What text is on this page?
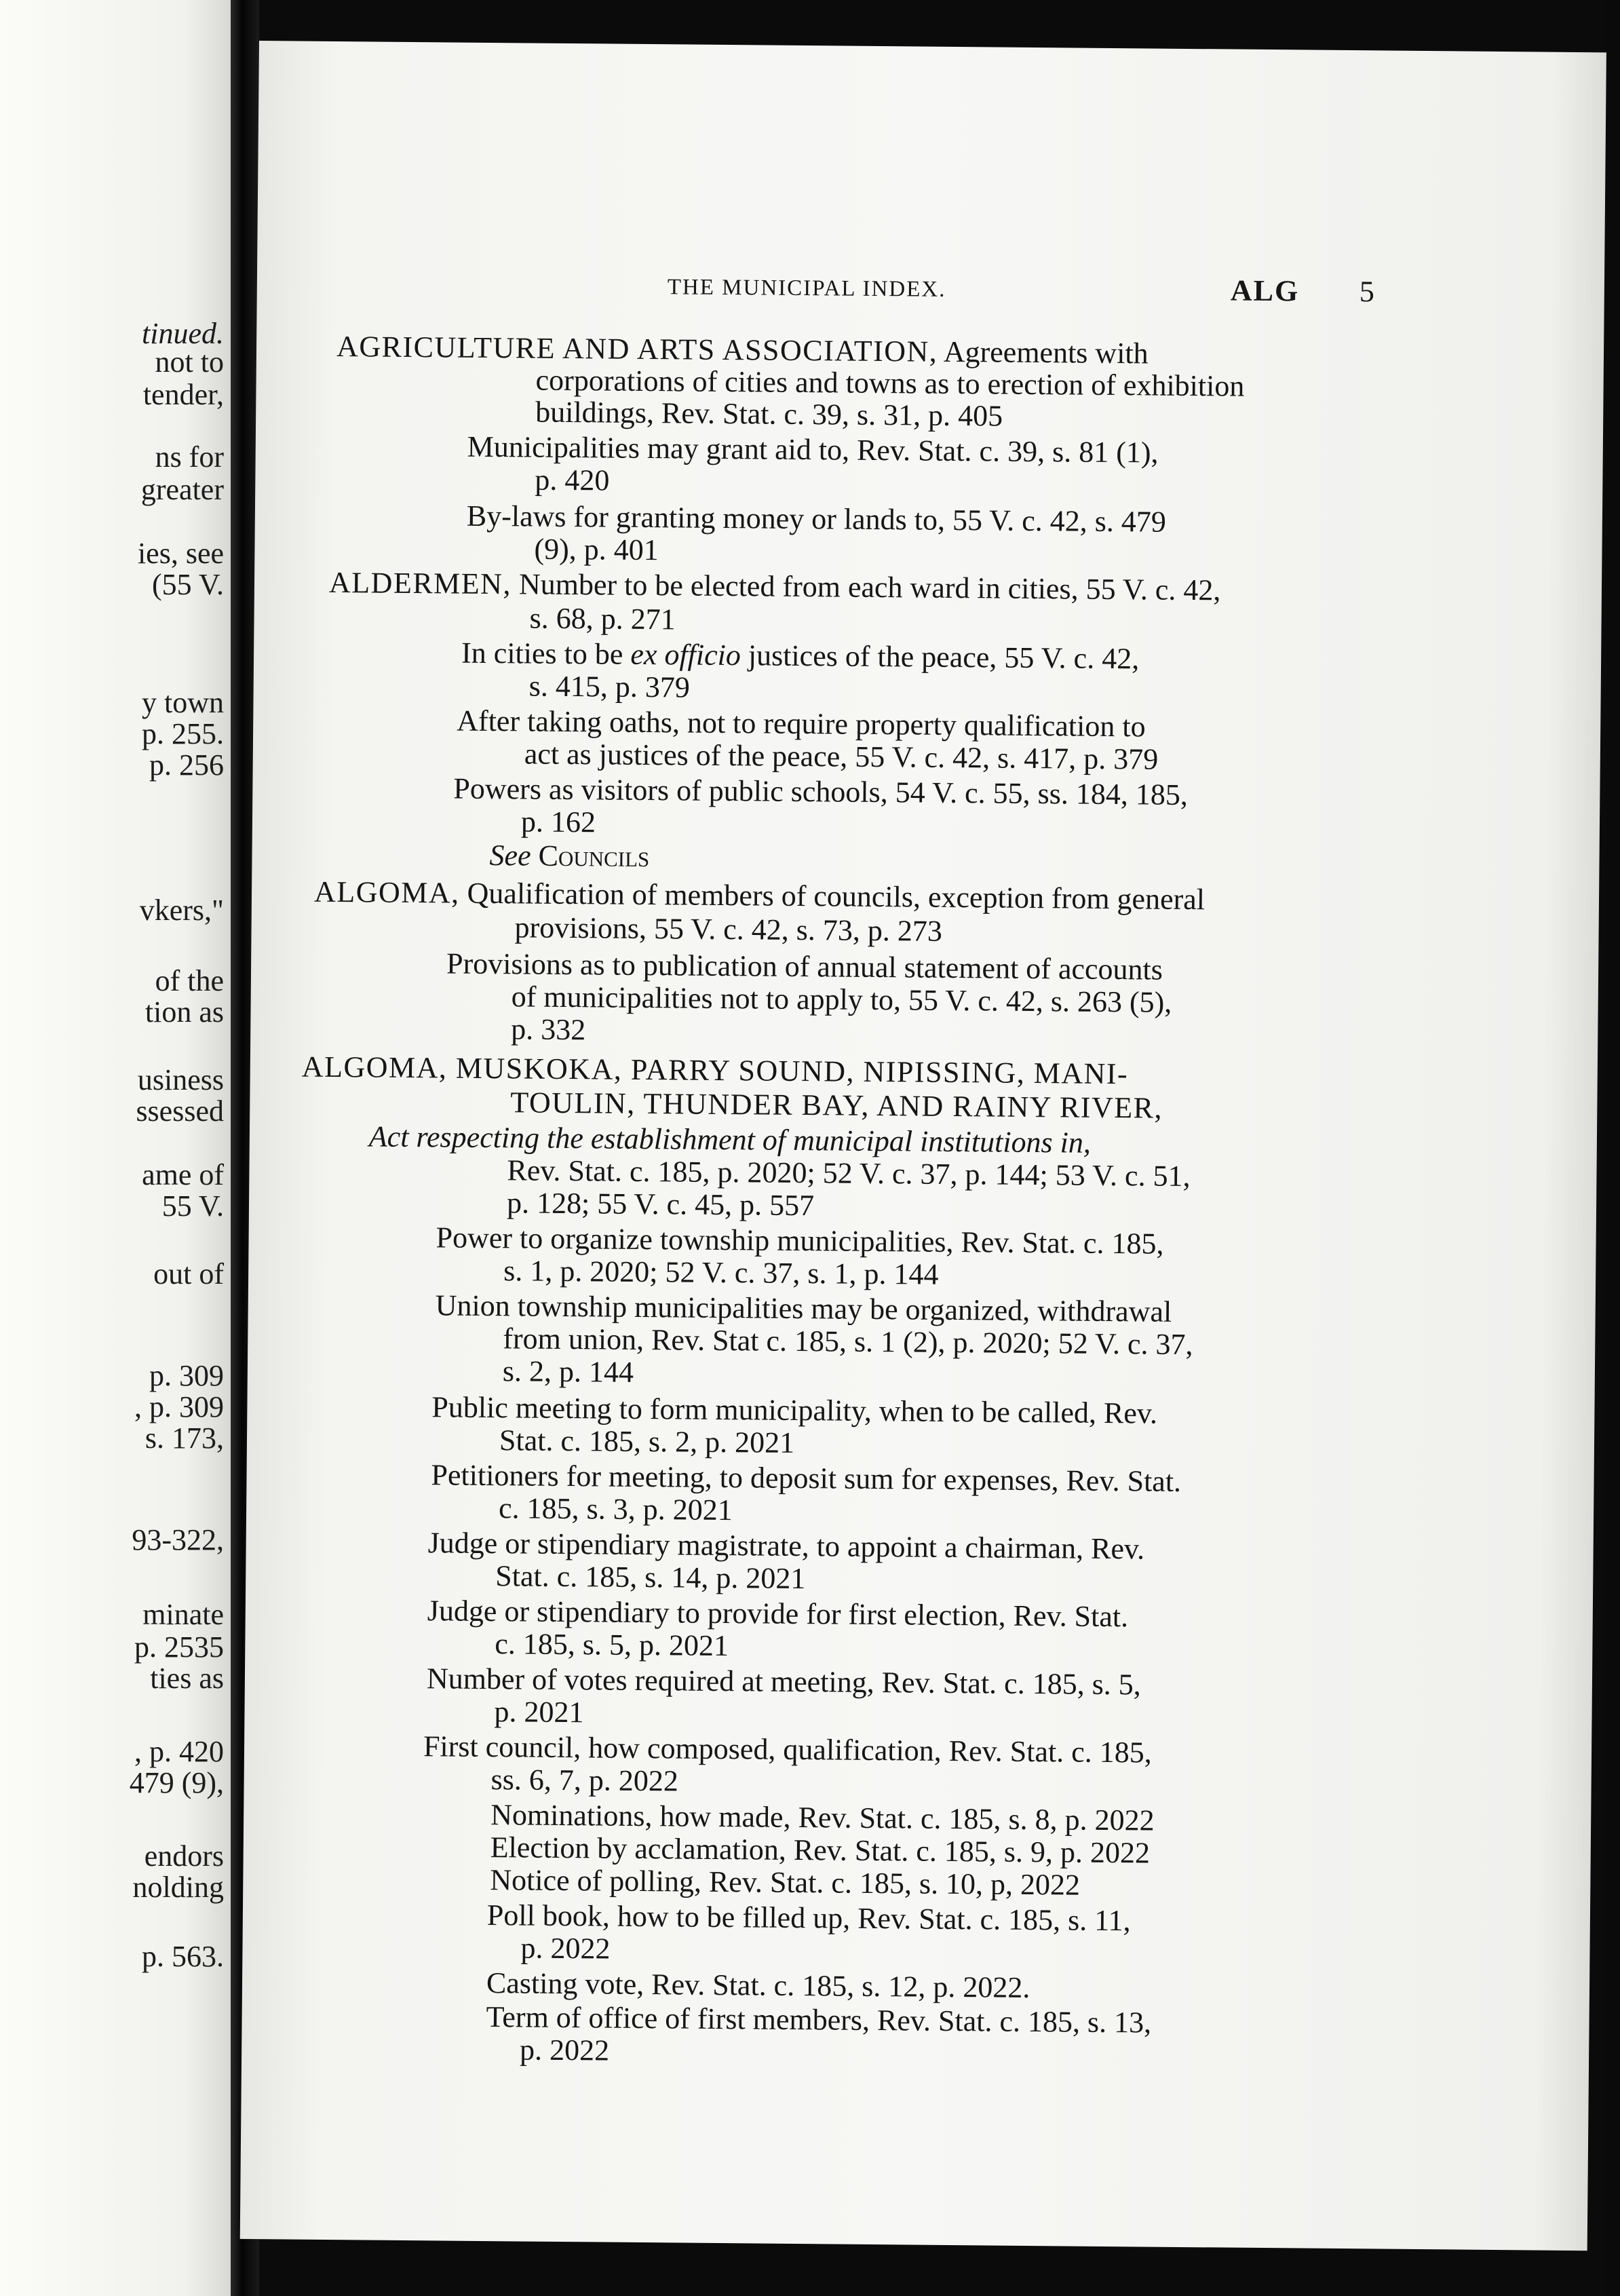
tinued.
not to
tender,
ns for
greater
ies, see
(55 V.
y town
p. 255.
p. 256
vkers,"
of the
tion as
usiness
ssessed
ame of
55 V.
out of
p. 309
, p. 309
s. 173,
93-322,
minate
p. 2535
ties as
, p. 420
479 (9),
endors
nolding
p. 563.
THE MUNICIPAL INDEX.	ALG 5
AGRICULTURE AND ARTS ASSOCIATION, Agreements with
corporations of cities and towns as to erection of exhibition
buildings, Rev. Stat. c. 39, s. 31, p. 405
Municipalities may grant aid to, Rev. Stat. c. 39, s. 81 (1),
p. 420
By-laws for granting money or lands to, 55 V. c. 42, s. 479
(9), p. 401
ALDERMEN, Number to be elected from each ward in cities, 55 V. c. 42,
s. 68, p. 271
In cities to be ex officio justices of the peace, 55 V. c. 42,
s. 415, p. 379
After taking oaths, not to require property qualification to
act as justices of the peace, 55 V. c. 42, s. 417, p. 379
Powers as visitors of public schools, 54 V. c. 55, ss. 184, 185,
p. 162
See Councils
ALGOMA, Qualification of members of councils, exception from general
provisions, 55 V. c. 42, s. 73, p. 273
Provisions as to publication of annual statement of accounts
of municipalities not to apply to, 55 V. c. 42, s. 263 (5),
p. 332
ALGOMA, MUSKOKA, PARRY SOUND, NIPISSING, MANI-
TOULIN, THUNDER BAY, AND RAINY RIVER,
Act respecting the establishment of municipal institutions in,
Rev. Stat. c. 185, p. 2020; 52 V. c. 37, p. 144; 53 V. c. 51,
p. 128; 55 V. c. 45, p. 557
Power to organize township municipalities, Rev. Stat. c. 185,
s. 1, p. 2020; 52 V. c. 37, s. 1, p. 144
Union township municipalities may be organized, withdrawal
from union, Rev. Stat c. 185, s. 1 (2), p. 2020; 52 V. c. 37,
s. 2, p. 144
Public meeting to form municipality, when to be called, Rev.
Stat. c. 185, s. 2, p. 2021
Petitioners for meeting, to deposit sum for expenses, Rev. Stat.
c. 185, s. 3, p. 2021
Judge or stipendiary magistrate, to appoint a chairman, Rev.
Stat. c. 185, s. 14, p. 2021
Judge or stipendiary to provide for first election, Rev. Stat.
c. 185, s. 5, p. 2021
Number of votes required at meeting, Rev. Stat. c. 185, s. 5,
p. 2021
First council, how composed, qualification, Rev. Stat. c. 185,
ss. 6, 7, p. 2022
Nominations, how made, Rev. Stat. c. 185, s. 8, p. 2022
Election by acclamation, Rev. Stat. c. 185, s. 9, p. 2022
Notice of polling, Rev. Stat. c. 185, s. 10, p, 2022
Poll book, how to be filled up, Rev. Stat. c. 185, s. 11,
p. 2022
Casting vote, Rev. Stat. c. 185, s. 12, p. 2022.
Term of office of first members, Rev. Stat. c. 185, s. 13,
p. 2022
